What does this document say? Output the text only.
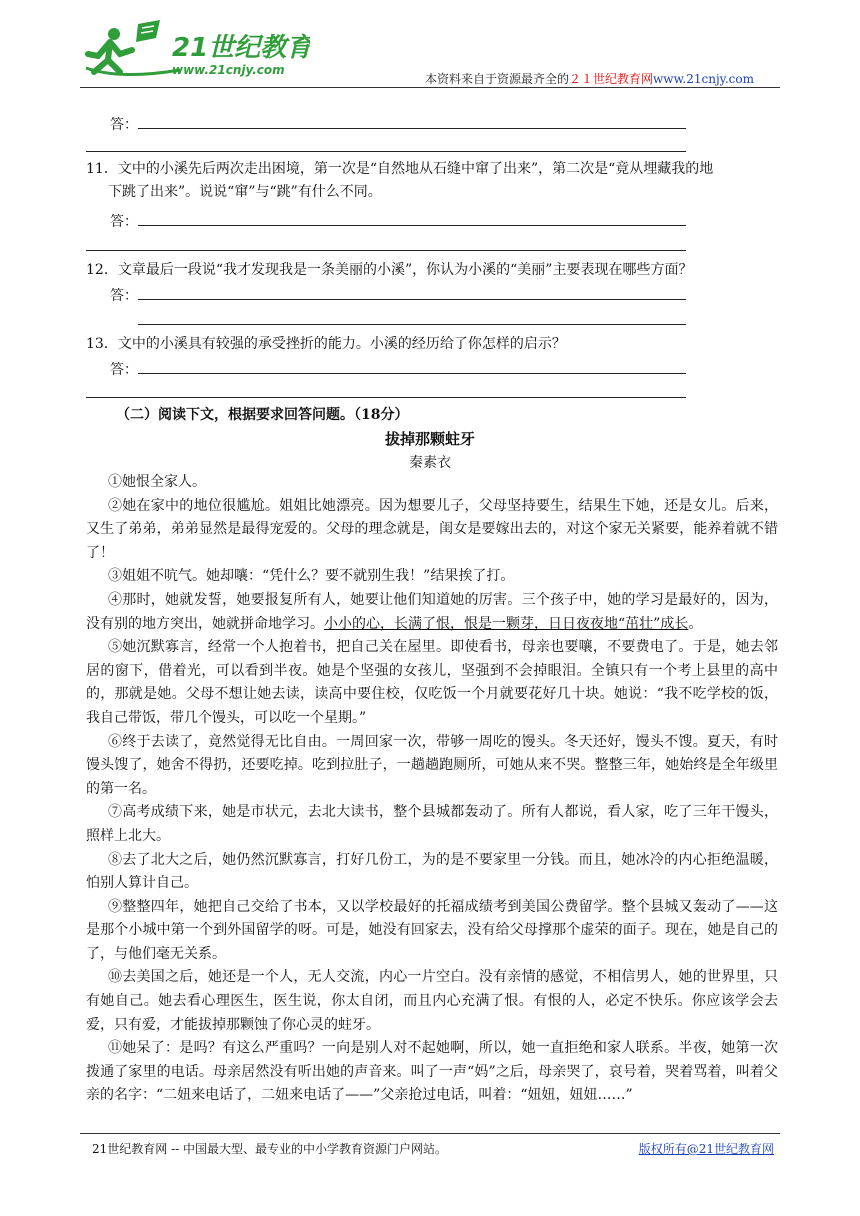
21世纪教育
www.21cnjy.com
本资料来自于资源最齐全的２１世纪教育网www.21cnjy.com
答：

11．文中的小溪先后两次走出困境，第一次是“自然地从石缝中窜了出来”，第二次是“竟从埋藏我的地

下跳了出来”。说说“窜”与“跳”有什么不同。

答：

12．文章最后一段说“我才发现我是一条美丽的小溪”，你认为小溪的“美丽”主要表现在哪些方面？

答：

13．文中的小溪具有较强的承受挫折的能力。小溪的经历给了你怎样的启示？

答：
（二）阅读下文，根据要求回答问题。（18分）
拔掉那颗蛀牙
秦素衣

①她恨全家人。

②她在家中的地位很尴尬。姐姐比她漂亮。因为想要儿子，父母坚持要生，结果生下她，还是女儿。后来，又生了弟弟，弟弟显然是最得宠爱的。父母的理念就是，闺女是要嫁出去的，对这个家无关紧要，能养着就不错了！

③姐姐不吭气。她却嚷：“凭什么？要不就别生我！”结果挨了打。

④那时，她就发誓，她要报复所有人，她要让他们知道她的厉害。三个孩子中，她的学习是最好的，因为，没有别的地方突出，她就拼命地学习。小小的心，长满了恨，恨是一颗芽，日日夜夜地“茁壮”成长。

⑤她沉默寡言，经常一个人抱着书，把自己关在屋里。即使看书，母亲也要嚷，不要费电了。于是，她去邻居的窗下，借着光，可以看到半夜。她是个坚强的女孩儿，坚强到不会掉眼泪。全镇只有一个考上县里的高中的，那就是她。父母不想让她去读，读高中要住校，仅吃饭一个月就要花好几十块。她说：“我不吃学校的饭，我自己带饭，带几个馒头，可以吃一个星期。”

⑥终于去读了，竟然觉得无比自由。一周回家一次，带够一周吃的馒头。冬天还好，馒头不馊。夏天，有时馒头馊了，她舍不得扔，还要吃掉。吃到拉肚子，一趟趟跑厕所，可她从来不哭。整整三年，她始终是全年级里的第一名。

⑦高考成绩下来，她是市状元，去北大读书，整个县城都轰动了。所有人都说，看人家，吃了三年干馒头，照样上北大。

⑧去了北大之后，她仍然沉默寡言，打好几份工，为的是不要家里一分钱。而且，她冰冷的内心拒绝温暖，怕别人算计自己。

⑨整整四年，她把自己交给了书本，又以学校最好的托福成绩考到美国公费留学。整个县城又轰动了——这是那个小城中第一个到外国留学的呀。可是，她没有回家去，没有给父母撑那个虚荣的面子。现在，她是自己的了，与他们毫无关系。

⑩去美国之后，她还是一个人，无人交流，内心一片空白。没有亲情的感觉，不相信男人，她的世界里，只有她自己。她去看心理医生，医生说，你太自闭，而且内心充满了恨。有恨的人，必定不快乐。你应该学会去爱，只有爱，才能拔掉那颗蚀了你心灵的蛀牙。

⑪她呆了：是吗？有这么严重吗？一向是别人对不起她啊，所以，她一直拒绝和家人联系。半夜，她第一次拨通了家里的电话。母亲居然没有听出她的声音来。叫了一声“妈”之后，母亲哭了，哀号着，哭着骂着，叫着父亲的名字：“二妞来电话了，二妞来电话了——”父亲抢过电话，叫着：“妞妞，妞妞……”

21世纪教育网 -- 中国最大型、最专业的中小学教育资源门户网站。	版权所有@21世纪教育网
